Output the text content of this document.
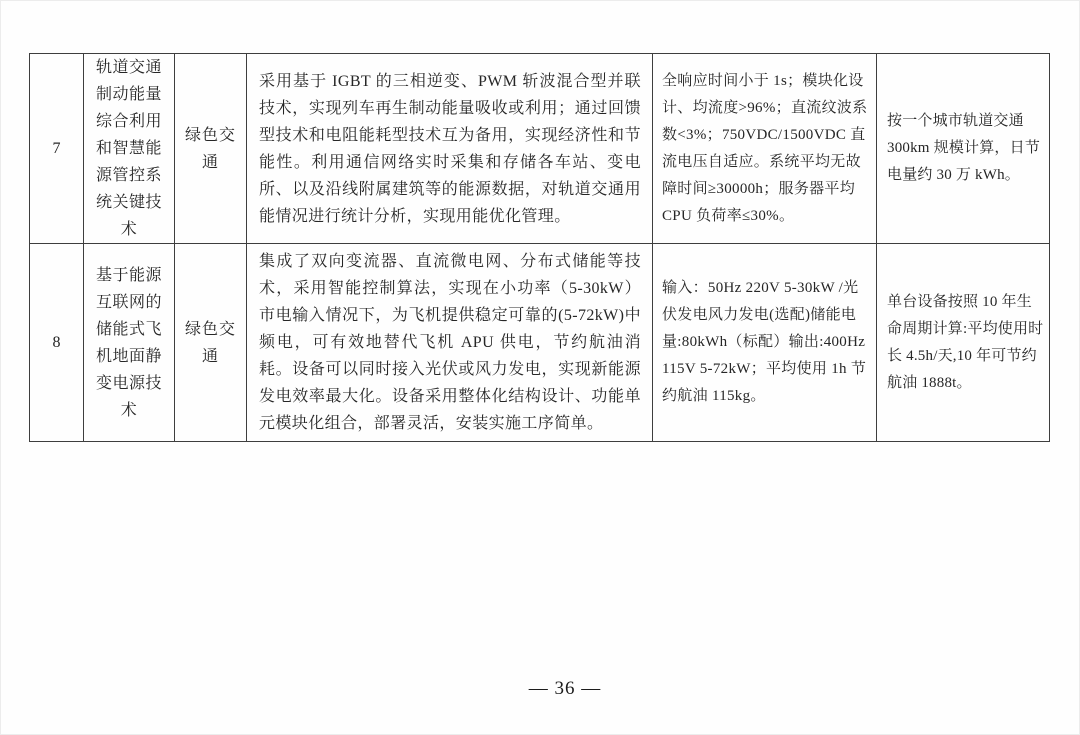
7	轨道交通制动能量综合利用和智慧能源管控系统关键技术	绿色交通	采用基于 IGBT 的三相逆变、PWM 斩波混合型并联技术，实现列车再生制动能量吸收或利用；通过回馈型技术和电阻能耗型技术互为备用，实现经济性和节能性。利用通信网络实时采集和存储各车站、变电所、以及沿线附属建筑等的能源数据，对轨道交通用能情况进行统计分析，实现用能优化管理。	全响应时间小于 1s；模块化设计、均流度>96%；直流纹波系数<3%；750VDC/1500VDC 直流电压自适应。系统平均无故障时间≥30000h；服务器平均 CPU 负荷率≤30%。	按一个城市轨道交通 300km 规模计算，日节电量约 30 万 kWh。
8	基于能源互联网的储能式飞机地面静变电源技术	绿色交通	集成了双向变流器、直流微电网、分布式储能等技术，采用智能控制算法，实现在小功率（5-30kW）市电输入情况下，为飞机提供稳定可靠的(5-72kW)中频电，可有效地替代飞机 APU 供电，节约航油消耗。设备可以同时接入光伏或风力发电，实现新能源发电效率最大化。设备采用整体化结构设计、功能单元模块化组合，部署灵活，安装实施工序简单。	输入：50Hz 220V 5-30kW /光伏发电风力发电(选配)储能电量:80kWh（标配）输出:400Hz 115V 5-72kW；平均使用 1h 节约航油 115kg。	单台设备按照 10 年生命周期计算:平均使用时长 4.5h/天,10 年可节约航油 1888t。
— 36 —
